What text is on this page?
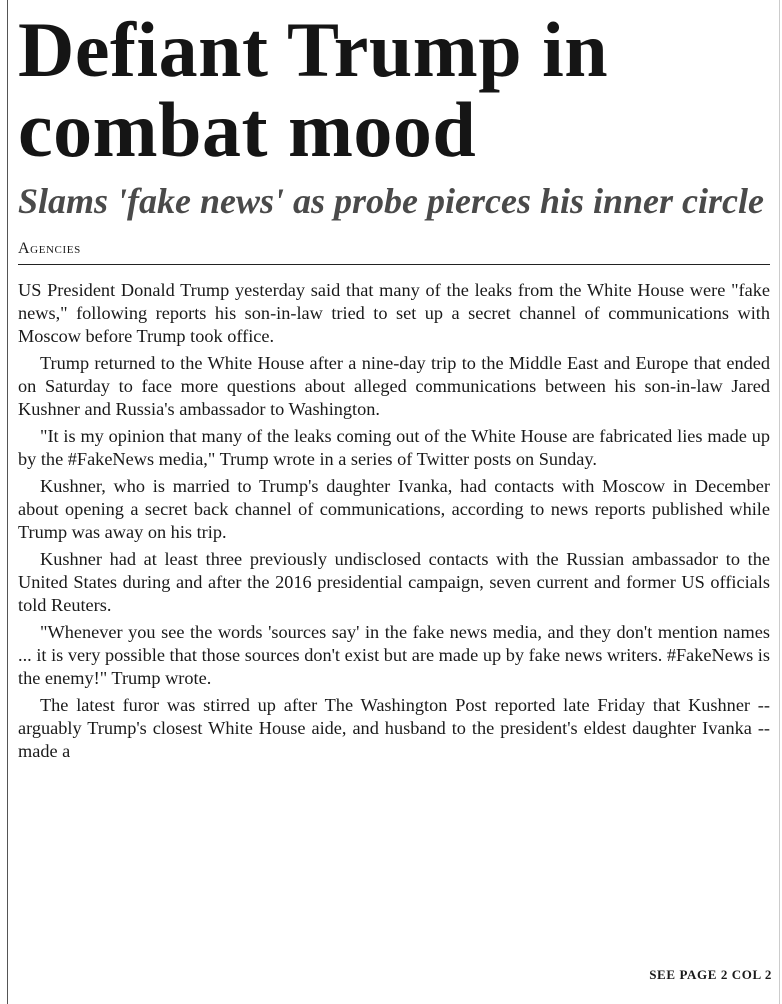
Defiant Trump in combat mood
Slams 'fake news' as probe pierces his inner circle
Agencies

US President Donald Trump yesterday said that many of the leaks from the White House were "fake news," following reports his son-in-law tried to set up a secret channel of communications with Moscow before Trump took office.

Trump returned to the White House after a nine-day trip to the Middle East and Europe that ended on Saturday to face more questions about alleged communications between his son-in-law Jared Kushner and Russia's ambassador to Washington.

"It is my opinion that many of the leaks coming out of the White House are fabricated lies made up by the #FakeNews media," Trump wrote in a series of Twitter posts on Sunday.

Kushner, who is married to Trump's daughter Ivanka, had contacts with Moscow in December about opening a secret back channel of communications, according to news reports published while Trump was away on his trip.

Kushner had at least three previously undisclosed contacts with the Russian ambassador to the United States during and after the 2016 presidential campaign, seven current and former US officials told Reuters.

"Whenever you see the words 'sources say' in the fake news media, and they don't mention names ... it is very possible that those sources don't exist but are made up by fake news writers. #FakeNews is the enemy!" Trump wrote.

The latest furor was stirred up after The Washington Post reported late Friday that Kushner -- arguably Trump's closest White House aide, and husband to the president's eldest daughter Ivanka -- made a

SEE PAGE 2 COL 2
